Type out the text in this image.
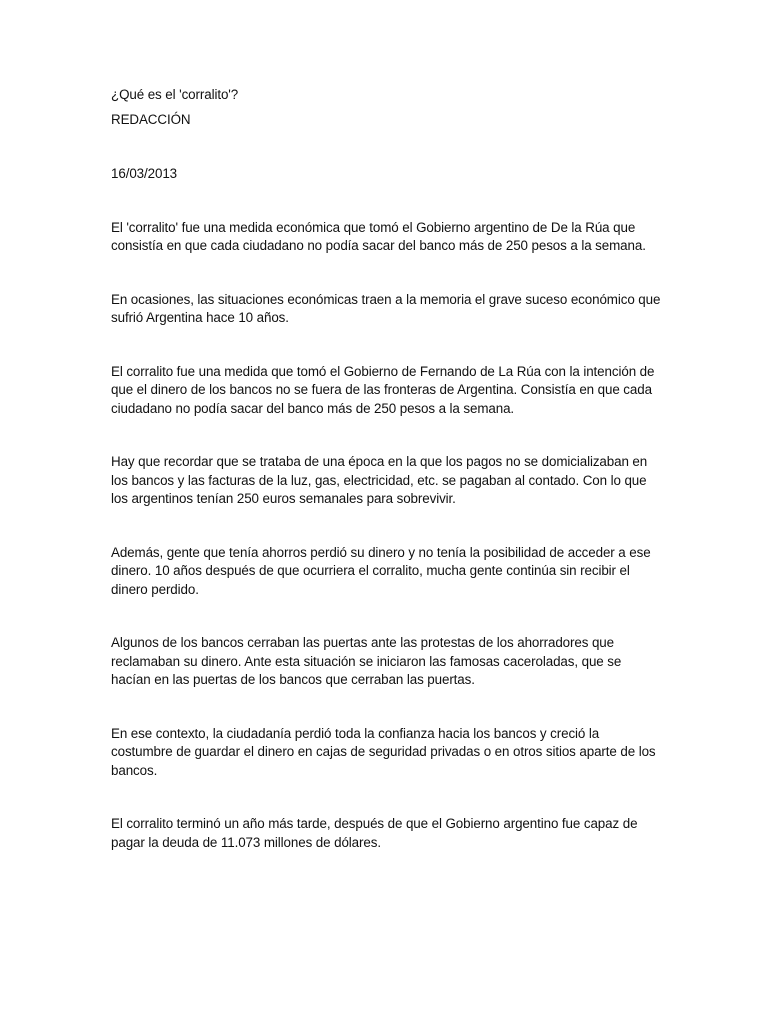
¿Qué es el 'corralito'?

REDACCIÓN

16/03/2013

El 'corralito' fue una medida económica que tomó el Gobierno argentino de De la Rúa que consistía en que cada ciudadano no podía sacar del banco más de 250 pesos a la semana.

En ocasiones, las situaciones económicas traen a la memoria el grave suceso económico que sufrió Argentina hace 10 años.

El corralito fue una medida que tomó el Gobierno de Fernando de La Rúa con la intención de que el dinero de los bancos no se fuera de las fronteras de Argentina. Consistía en que cada ciudadano no podía sacar del banco más de 250 pesos a la semana.

Hay que recordar que se trataba de una época en la que los pagos no se domicializaban en los bancos y las facturas de la luz, gas, electricidad, etc. se pagaban al contado. Con lo que los argentinos tenían 250 euros semanales para sobrevivir.

Además, gente que tenía ahorros perdió su dinero y no tenía la posibilidad de acceder a ese dinero. 10 años después de que ocurriera el corralito, mucha gente continúa sin recibir el dinero perdido.

Algunos de los bancos cerraban las puertas ante las protestas de los ahorradores que reclamaban su dinero. Ante esta situación se iniciaron las famosas caceroladas, que se hacían en las puertas de los bancos que cerraban las puertas.

En ese contexto, la ciudadanía perdió toda la confianza hacia los bancos y creció la costumbre de guardar el dinero en cajas de seguridad privadas o en otros sitios aparte de los bancos.

El corralito terminó un año más tarde, después de que el Gobierno argentino fue capaz de pagar la deuda de 11.073 millones de dólares.
